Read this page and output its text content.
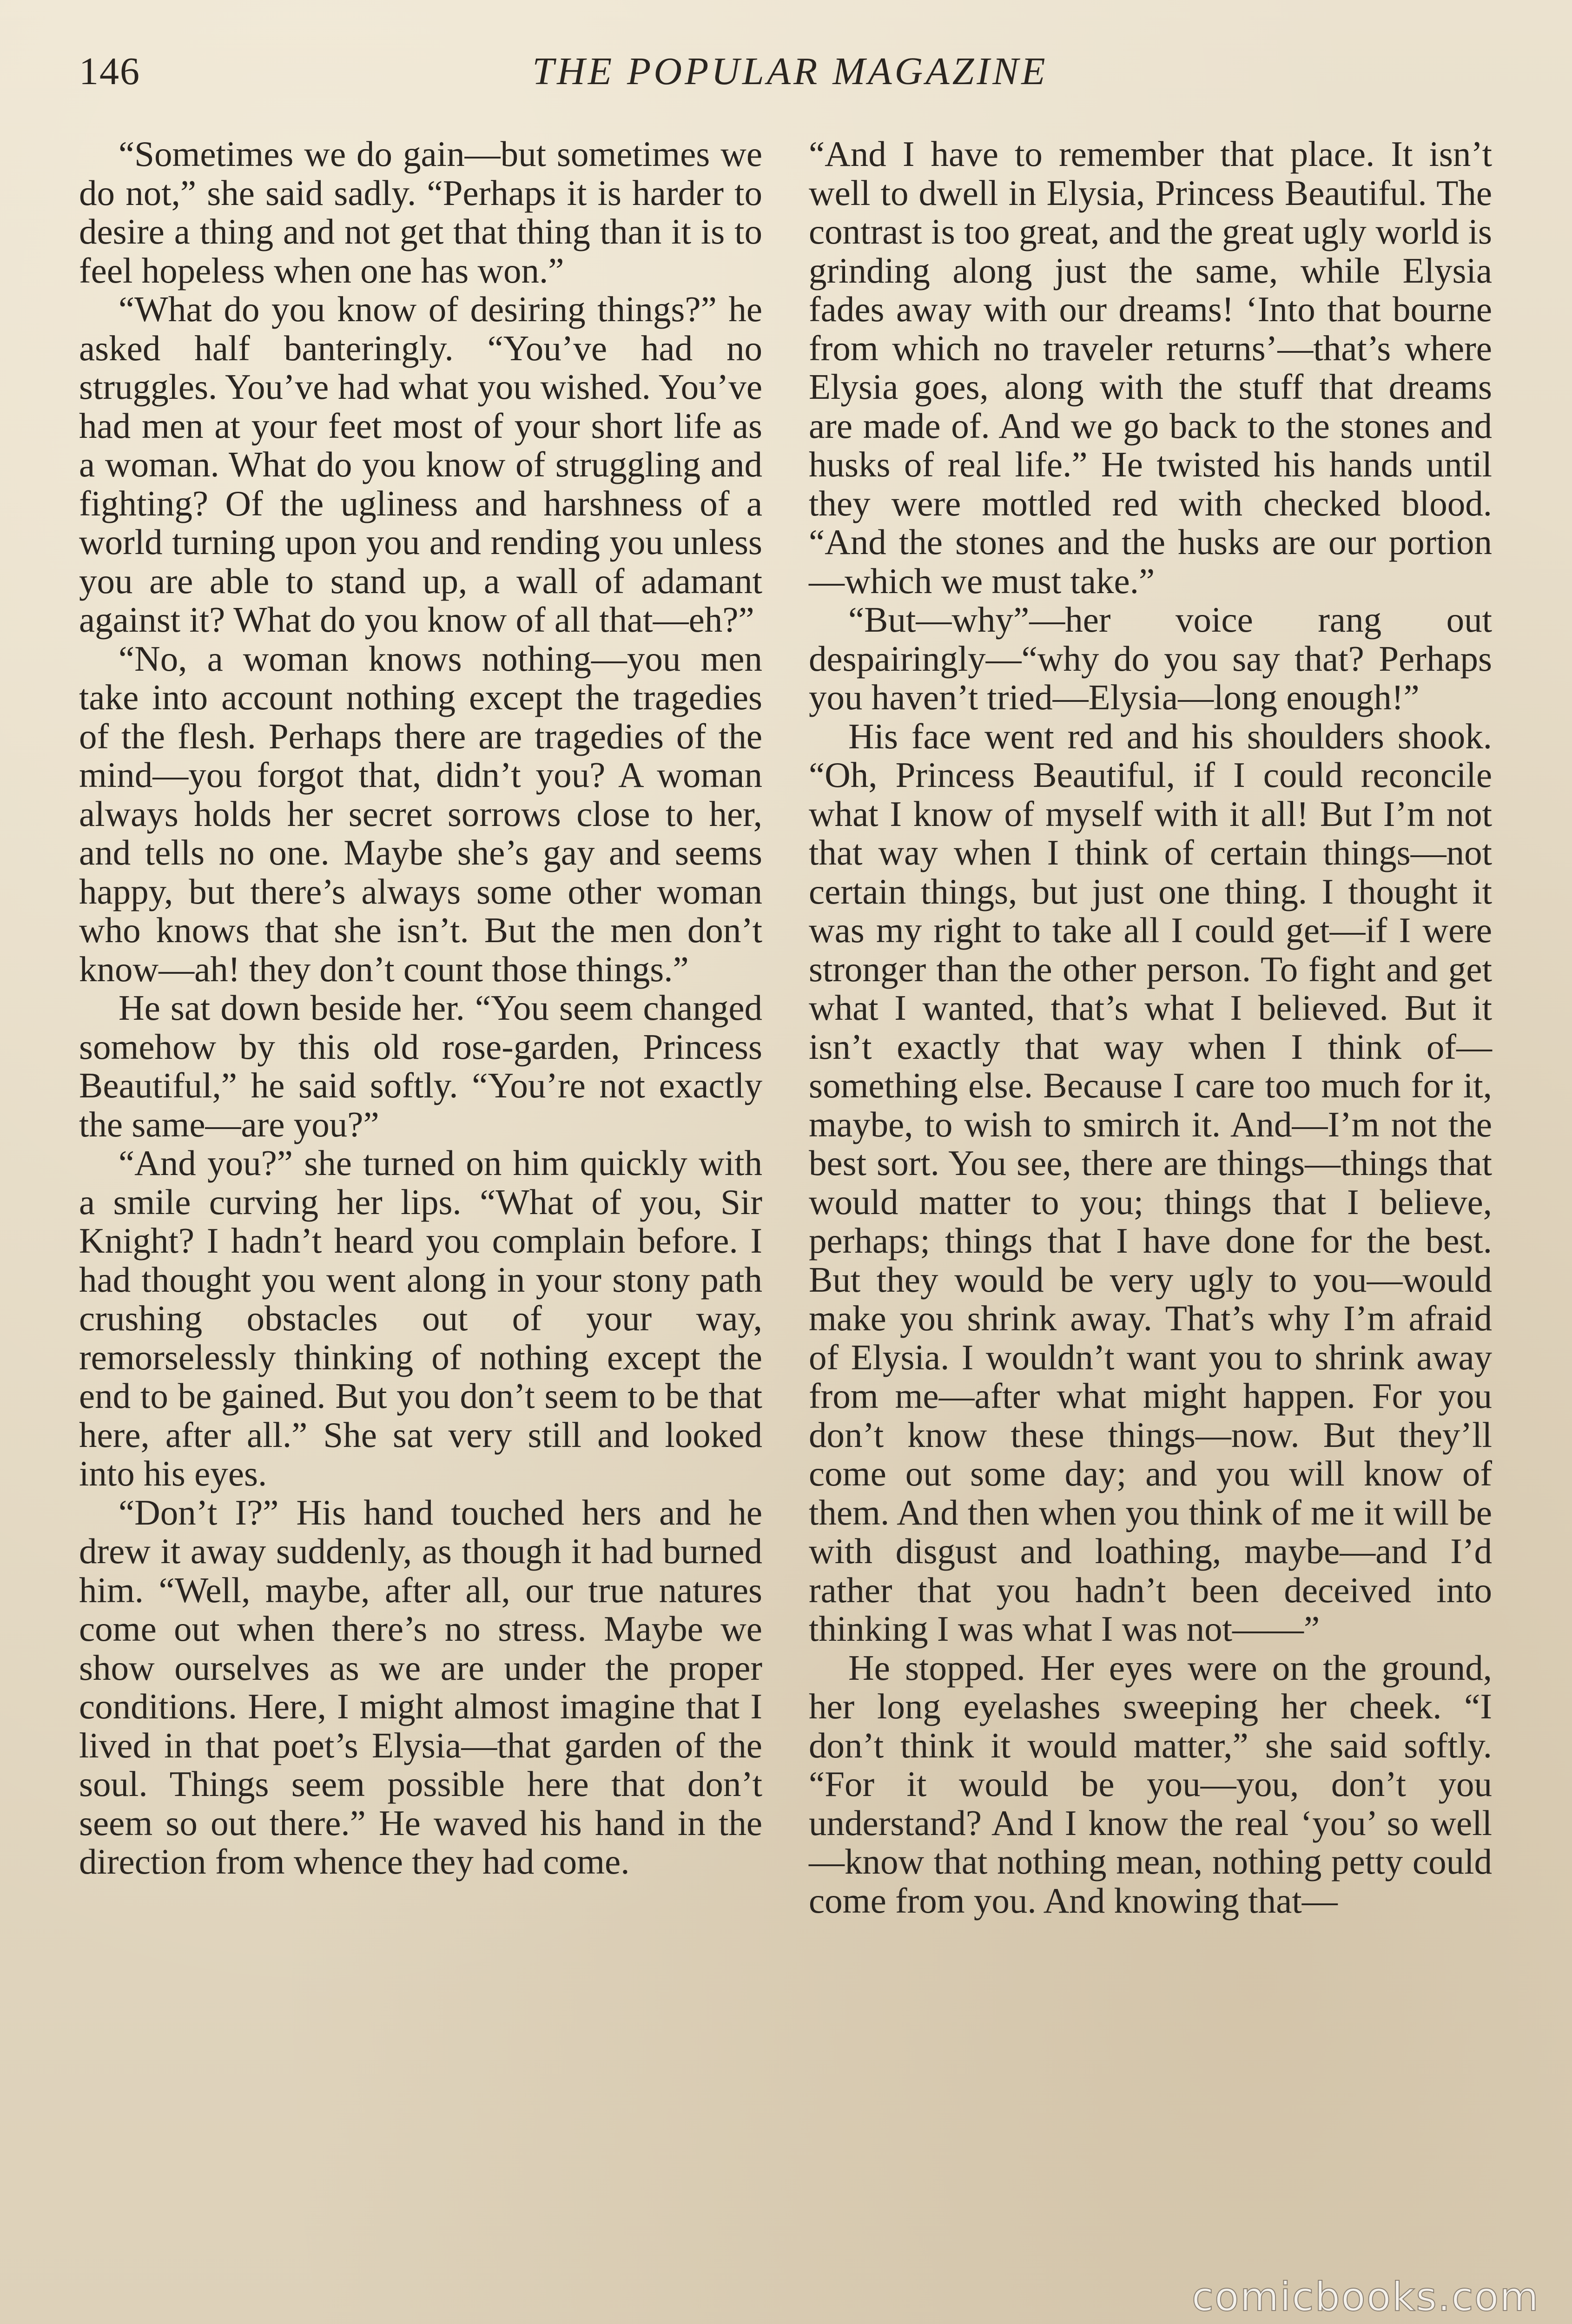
146	THE POPULAR MAGAZINE

“Sometimes we do gain—but sometimes we do not,” she said sadly. “Perhaps it is harder to desire a thing and not get that thing than it is to feel hopeless when one has won.”

“What do you know of desiring things?” he asked half banteringly. “You’ve had no struggles. You’ve had what you wished. You’ve had men at your feet most of your short life as a woman. What do you know of struggling and fighting? Of the ugliness and harshness of a world turning upon you and rending you unless you are able to stand up, a wall of adamant against it? What do you know of all that—eh?”

“No, a woman knows nothing—you men take into account nothing except the tragedies of the flesh. Perhaps there are tragedies of the mind—you forgot that, didn’t you? A woman always holds her secret sorrows close to her, and tells no one. Maybe she’s gay and seems happy, but there’s always some other woman who knows that she isn’t. But the men don’t know—ah! they don’t count those things.”

He sat down beside her. “You seem changed somehow by this old rose-garden, Princess Beautiful,” he said softly. “You’re not exactly the same—are you?”

“And you?” she turned on him quickly with a smile curving her lips. “What of you, Sir Knight? I hadn’t heard you complain before. I had thought you went along in your stony path crushing obstacles out of your way, remorselessly thinking of nothing except the end to be gained. But you don’t seem to be that here, after all.” She sat very still and looked into his eyes.

“Don’t I?” His hand touched hers and he drew it away suddenly, as though it had burned him. “Well, maybe, after all, our true natures come out when there’s no stress. Maybe we show ourselves as we are under the proper conditions. Here, I might almost imagine that I lived in that poet’s Elysia—that garden of the soul. Things seem possible here that don’t seem so out there.” He waved his hand in the direction from whence they had come.

“And I have to remember that place. It isn’t well to dwell in Elysia, Princess Beautiful. The contrast is too great, and the great ugly world is grinding along just the same, while Elysia fades away with our dreams! ‘Into that bourne from which no traveler returns’—that’s where Elysia goes, along with the stuff that dreams are made of. And we go back to the stones and husks of real life.” He twisted his hands until they were mottled red with checked blood. “And the stones and the husks are our portion—which we must take.”

“But—why”—her voice rang out despairingly—“why do you say that? Perhaps you haven’t tried—Elysia—long enough!”

His face went red and his shoulders shook. “Oh, Princess Beautiful, if I could reconcile what I know of myself with it all! But I’m not that way when I think of certain things—not certain things, but just one thing. I thought it was my right to take all I could get—if I were stronger than the other person. To fight and get what I wanted, that’s what I believed. But it isn’t exactly that way when I think of—something else. Because I care too much for it, maybe, to wish to smirch it. And—I’m not the best sort. You see, there are things—things that would matter to you; things that I believe, perhaps; things that I have done for the best. But they would be very ugly to you—would make you shrink away. That’s why I’m afraid of Elysia. I wouldn’t want you to shrink away from me—after what might happen. For you don’t know these things—now. But they’ll come out some day; and you will know of them. And then when you think of me it will be with disgust and loathing, maybe—and I’d rather that you hadn’t been deceived into thinking I was what I was not——”

He stopped. Her eyes were on the ground, her long eyelashes sweeping her cheek. “I don’t think it would matter,” she said softly. “For it would be you—you, don’t you understand? And I know the real ‘you’ so well—know that nothing mean, nothing petty could come from you. And knowing that—

comicbooks.com
